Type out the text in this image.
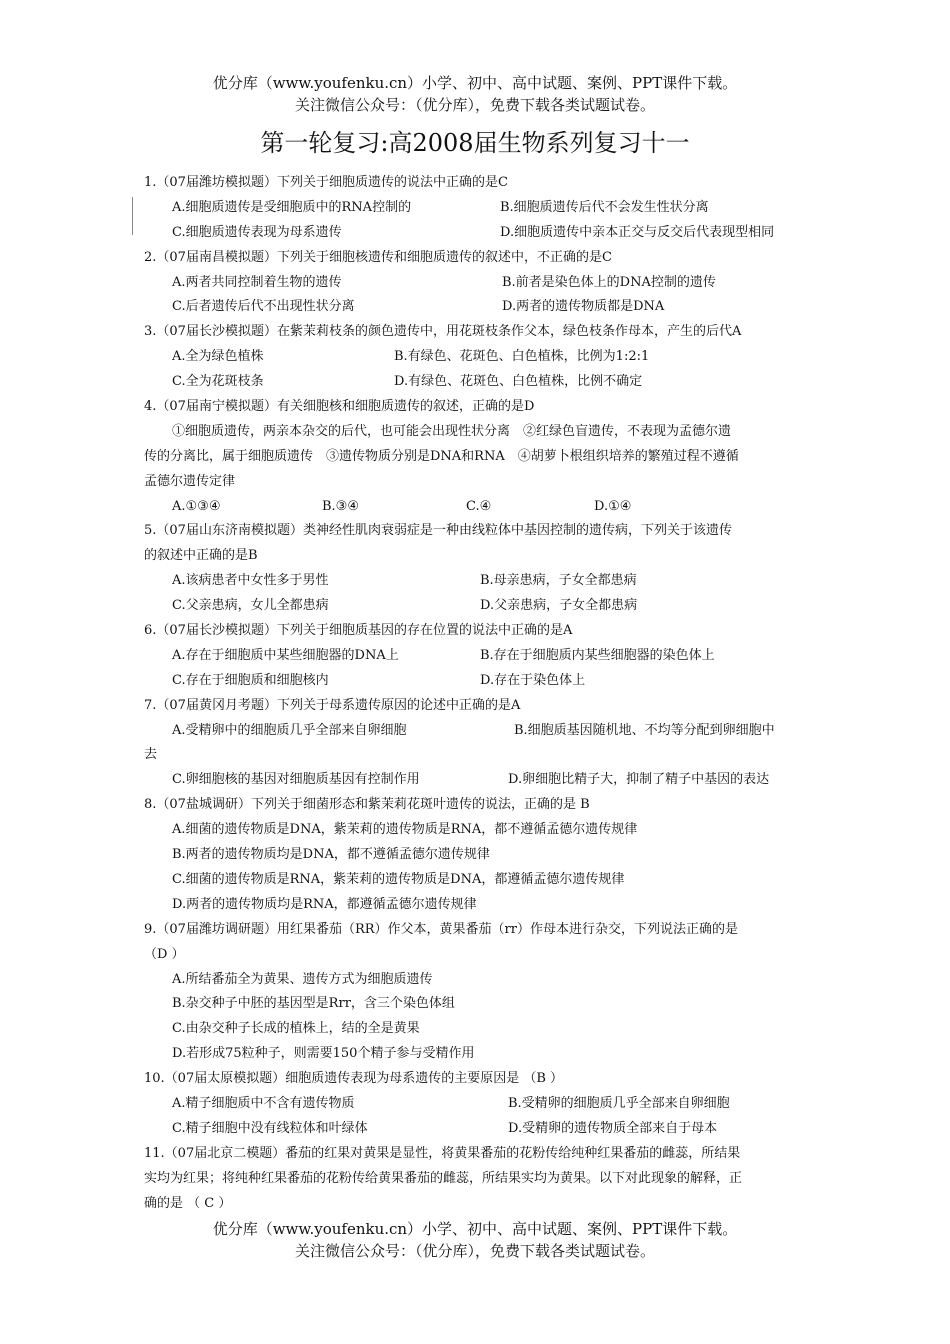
优分库（www.youfenku.cn）小学、初中、高中试题、案例、PPT课件下载。
关注微信公众号：（优分库），免费下载各类试题试卷。
第一轮复习:高2008届生物系列复习十一
1.（07届潍坊模拟题）下列关于细胞质遗传的说法中正确的是C
A.细胞质遗传是受细胞质中的RNA控制的	B.细胞质遗传后代不会发生性状分离
C.细胞质遗传表现为母系遗传	D.细胞质遗传中亲本正交与反交后代表现型相同
2.（07届南昌模拟题）下列关于细胞核遗传和细胞质遗传的叙述中，不正确的是C
A.两者共同控制着生物的遗传	B.前者是染色体上的DNA控制的遗传
C.后者遗传后代不出现性状分离	D.两者的遗传物质都是DNA
3.（07届长沙模拟题）在紫茉莉枝条的颜色遗传中，用花斑枝条作父本，绿色枝条作母本，产生的后代A
A.全为绿色植株	B.有绿色、花斑色、白色植株，比例为1:2:1
C.全为花斑枝条	D.有绿色、花斑色、白色植株，比例不确定
4.（07届南宁模拟题）有关细胞核和细胞质遗传的叙述，正确的是D
①细胞质遗传，两亲本杂交的后代，也可能会出现性状分离　②红绿色盲遗传，不表现为孟德尔遗
传的分离比，属于细胞质遗传　③遗传物质分别是DNA和RNA　④胡萝卜根组织培养的繁殖过程不遵循
孟德尔遗传定律
A.①③④	B.③④	C.④	D.①④
5.（07届山东济南模拟题）类神经性肌肉衰弱症是一种由线粒体中基因控制的遗传病，下列关于该遗传
的叙述中正确的是B
A.该病患者中女性多于男性	B.母亲患病，子女全都患病
C.父亲患病，女儿全都患病	D.父亲患病，子女全都患病
6.（07届长沙模拟题）下列关于细胞质基因的存在位置的说法中正确的是A
A.存在于细胞质中某些细胞器的DNA上	B.存在于细胞质内某些细胞器的染色体上
C.存在于细胞质和细胞核内	D.存在于染色体上
7.（07届黄冈月考题）下列关于母系遗传原因的论述中正确的是A
A.受精卵中的细胞质几乎全部来自卵细胞	B.细胞质基因随机地、不均等分配到卵细胞中
去
C.卵细胞核的基因对细胞质基因有控制作用	D.卵细胞比精子大，抑制了精子中基因的表达
8.（07盐城调研）下列关于细菌形态和紫茉莉花斑叶遗传的说法，正确的是 B
A.细菌的遗传物质是DNA，紫茉莉的遗传物质是RNA，都不遵循孟德尔遗传规律
B.两者的遗传物质均是DNA，都不遵循孟德尔遗传规律
C.细菌的遗传物质是RNA，紫茉莉的遗传物质是DNA，都遵循孟德尔遗传规律
D.两者的遗传物质均是RNA，都遵循孟德尔遗传规律
9.（07届潍坊调研题）用红果番茄（RR）作父本，黄果番茄（rr）作母本进行杂交，下列说法正确的是
（D ）
A.所结番茄全为黄果、遗传方式为细胞质遗传
B.杂交种子中胚的基因型是Rrr，含三个染色体组
C.由杂交种子长成的植株上，结的全是黄果
D.若形成75粒种子，则需要150个精子参与受精作用
10.（07届太原模拟题）细胞质遗传表现为母系遗传的主要原因是 （B ）
A.精子细胞质中不含有遗传物质	B.受精卵的细胞质几乎全部来自卵细胞
C.精子细胞中没有线粒体和叶绿体	D.受精卵的遗传物质全部来自于母本
11.（07届北京二模题）番茄的红果对黄果是显性，将黄果番茄的花粉传给纯种红果番茄的雌蕊，所结果
实均为红果；将纯种红果番茄的花粉传给黄果番茄的雌蕊，所结果实均为黄果。以下对此现象的解释，正
确的是 （ C ）
优分库（www.youfenku.cn）小学、初中、高中试题、案例、PPT课件下载。
关注微信公众号：（优分库），免费下载各类试题试卷。
